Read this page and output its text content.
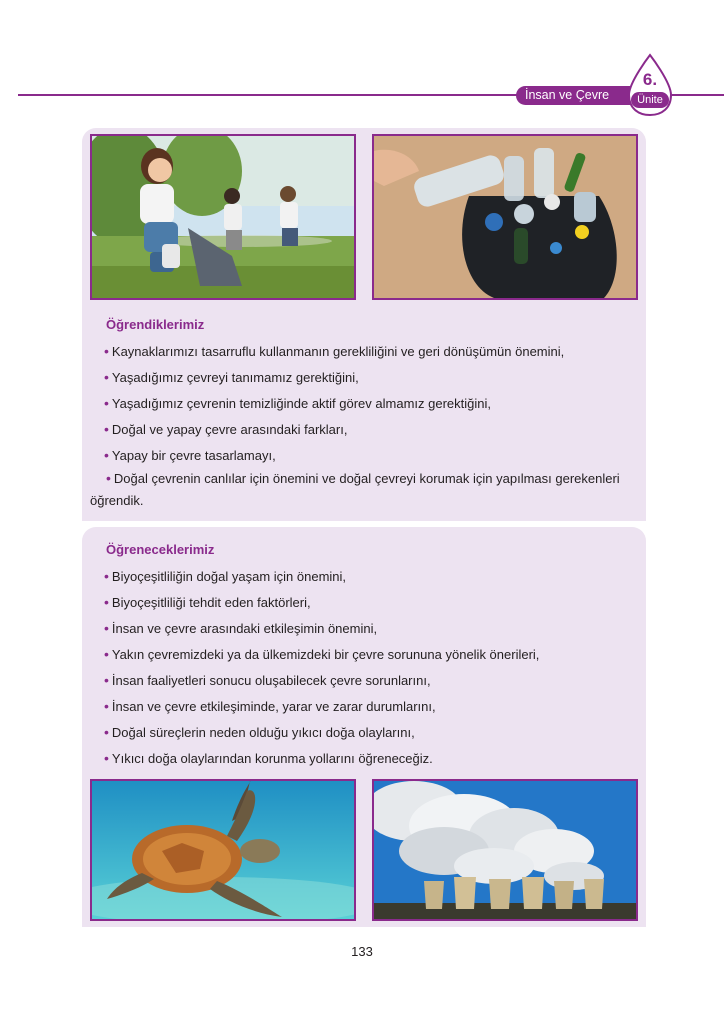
İnsan ve Çevre
6.
Ünite
Öğrendiklerimiz
• Kaynaklarımızı tasarruflu kullanmanın gerekliliğini ve geri dönüşümün önemini,
• Yaşadığımız çevreyi tanımamız gerektiğini,
• Yaşadığımız çevrenin temizliğinde aktif görev almamız gerektiğini,
• Doğal ve yapay çevre arasındaki farkları,
• Yapay bir çevre tasarlamayı,
• Doğal çevrenin canlılar için önemini ve doğal çevreyi korumak için yapılması gerekenleri
öğrendik.
Öğreneceklerimiz
• Biyoçeşitliliğin doğal yaşam için önemini,
• Biyoçeşitliliği tehdit eden faktörleri,
• İnsan ve çevre arasındaki etkileşimin önemini,
• Yakın çevremizdeki ya da ülkemizdeki bir çevre sorununa yönelik önerileri,
• İnsan faaliyetleri sonucu oluşabilecek çevre sorunlarını,
• İnsan ve çevre etkileşiminde, yarar ve zarar durumlarını,
• Doğal süreçlerin neden olduğu yıkıcı doğa olaylarını,
• Yıkıcı doğa olaylarından korunma yollarını öğreneceğiz.
133
